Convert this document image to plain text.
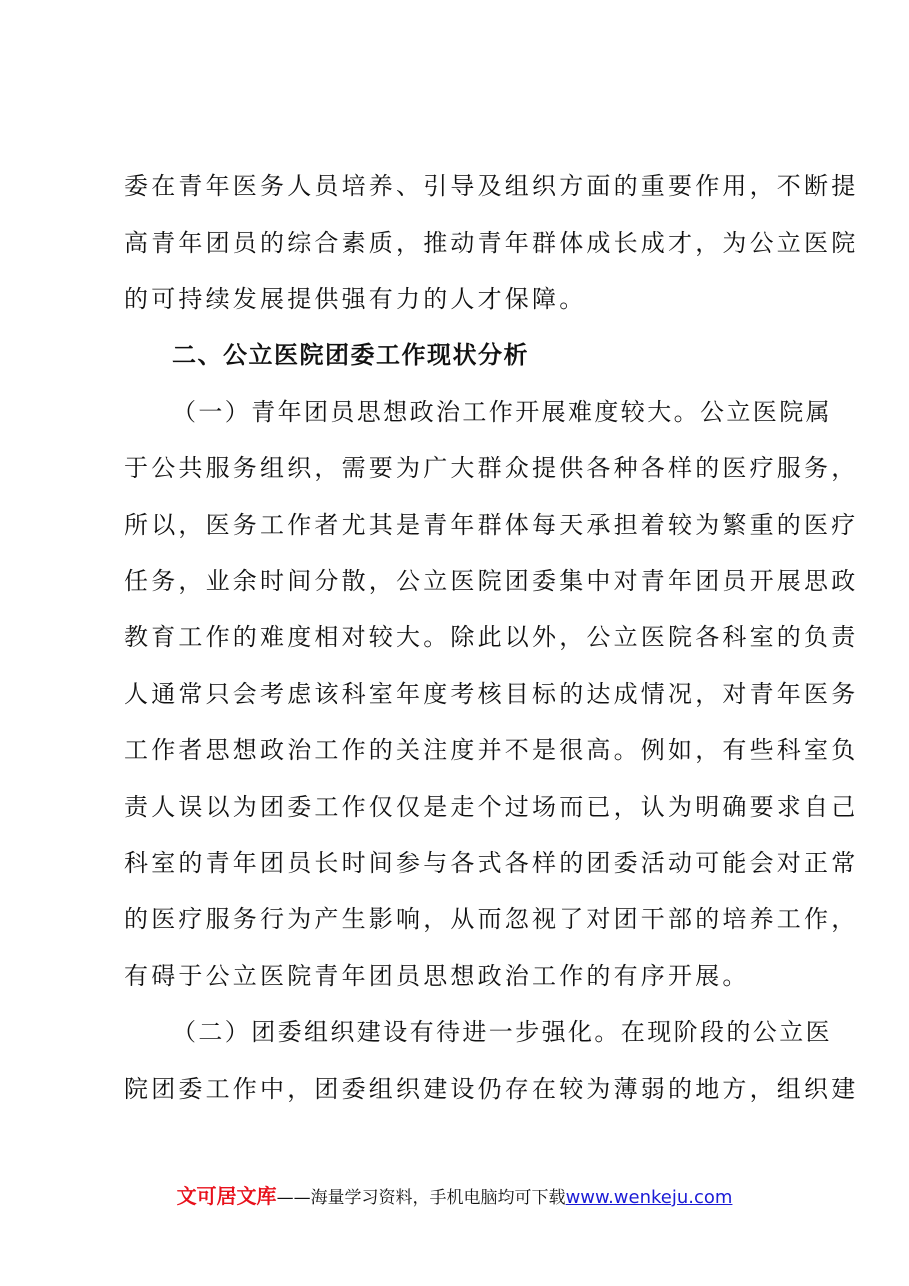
委在青年医务人员培养、引导及组织方面的重要作用，不断提
高青年团员的综合素质，推动青年群体成长成才，为公立医院
的可持续发展提供强有力的人才保障。
二、公立医院团委工作现状分析
（一）青年团员思想政治工作开展难度较大。公立医院属
于公共服务组织，需要为广大群众提供各种各样的医疗服务，
所以，医务工作者尤其是青年群体每天承担着较为繁重的医疗
任务，业余时间分散，公立医院团委集中对青年团员开展思政
教育工作的难度相对较大。除此以外，公立医院各科室的负责
人通常只会考虑该科室年度考核目标的达成情况，对青年医务
工作者思想政治工作的关注度并不是很高。例如，有些科室负
责人误以为团委工作仅仅是走个过场而已，认为明确要求自己
科室的青年团员长时间参与各式各样的团委活动可能会对正常
的医疗服务行为产生影响，从而忽视了对团干部的培养工作，
有碍于公立医院青年团员思想政治工作的有序开展。
（二）团委组织建设有待进一步强化。在现阶段的公立医
院团委工作中，团委组织建设仍存在较为薄弱的地方，组织建
文可居文库——海量学习资料，手机电脑均可下载www.wenkeju.com
